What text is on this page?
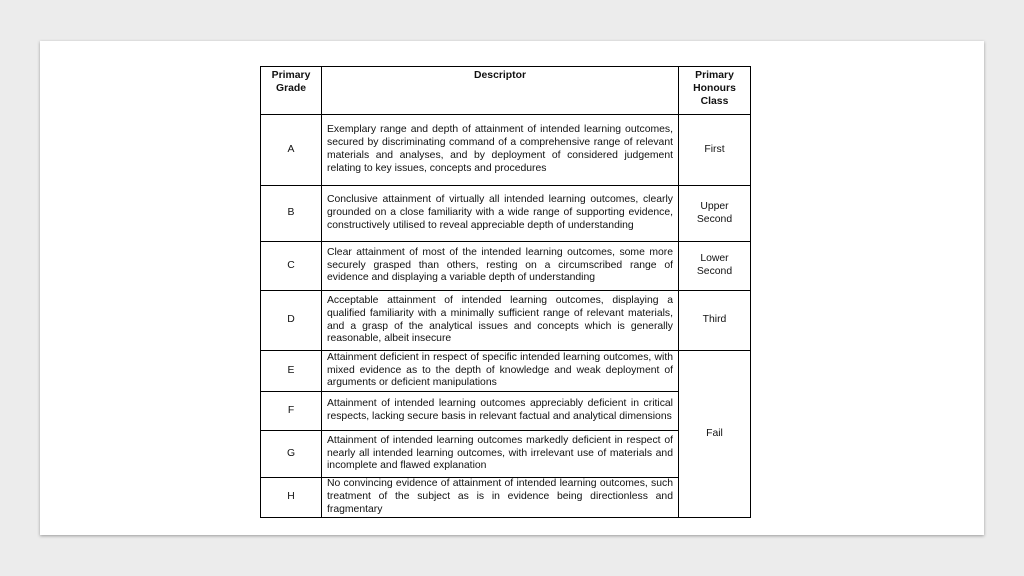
Primary Grade	Descriptor	Primary Honours Class
A	Exemplary range and depth of attainment of intended learning outcomes, secured by discriminating command of a comprehensive range of relevant materials and analyses, and by deployment of considered judgement relating to key issues, concepts and procedures	First
B	Conclusive attainment of virtually all intended learning outcomes, clearly grounded on a close familiarity with a wide range of supporting evidence, constructively utilised to reveal appreciable depth of understanding	Upper Second
C	Clear attainment of most of the intended learning outcomes, some more securely grasped than others, resting on a circumscribed range of evidence and displaying a variable depth of understanding	Lower Second
D	Acceptable attainment of intended learning outcomes, displaying a qualified familiarity with a minimally sufficient range of relevant materials, and a grasp of the analytical issues and concepts which is generally reasonable, albeit insecure	Third
E	Attainment deficient in respect of specific intended learning outcomes, with mixed evidence as to the depth of knowledge and weak deployment of arguments or deficient manipulations	Fail
F	Attainment of intended learning outcomes appreciably deficient in critical respects, lacking secure basis in relevant factual and analytical dimensions	
G	Attainment of intended learning outcomes markedly deficient in respect of nearly all intended learning outcomes, with irrelevant use of materials and incomplete and flawed explanation	
H	No convincing evidence of attainment of intended learning outcomes, such treatment of the subject as is in evidence being directionless and fragmentary	
